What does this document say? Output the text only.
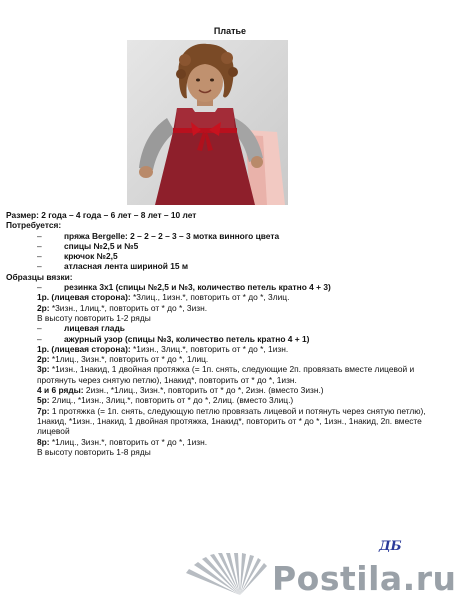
Платье
Размер: 2 года – 4 года – 6 лет – 8 лет – 10 лет
Потребуется:
–	пряжа Bergelle: 2 – 2 – 2 – 3 – 3 мотка винного цвета
–	спицы №2,5 и №5
–	крючок №2,5
–	атласная лента шириной 15 м
Образцы вязки:
–	резинка 3х1 (спицы №2,5 и №3, количество петель кратно 4 + 3)
1р. (лицевая сторона): *3лиц., 1изн.*, повторить от * до *, 3лиц.
2р: *3изн., 1лиц.*, повторить от * до *, 3изн.
В высоту повторить 1-2 ряды
–	лицевая гладь
–	ажурный узор (спицы №3, количество петель кратно 4 + 1)
1р. (лицевая сторона): *1изн., 3лиц.*, повторить от * до *, 1изн.
2р: *1лиц., 3изн.*, повторить от * до *, 1лиц.
3р: *1изн., 1накид, 1 двойная протяжка (= 1п. снять, следующие 2п. провязать вместе лицевой и протянуть через снятую петлю), 1накид*, повторить от * до *, 1изн.
4 и 6 ряды: 2изн., *1лиц., 3изн.*, повторить от * до *, 2изн. (вместо 3изн.)
5р: 2лиц., *1изн., 3лиц.*, повторить от * до *, 2лиц. (вместо 3лиц.)
7р: 1 протяжка (= 1п. снять, следующую петлю провязать лицевой и потянуть через снятую петлю), 1накид, *1изн., 1накид, 1 двойная протяжка, 1накид*, повторить от * до *, 1изн., 1накид, 2п. вместе лицевой
8р: *1лиц., 3изн.*, повторить от * до *, 1изн.
В высоту повторить 1-8 ряды
ДБ
Postila.ru
